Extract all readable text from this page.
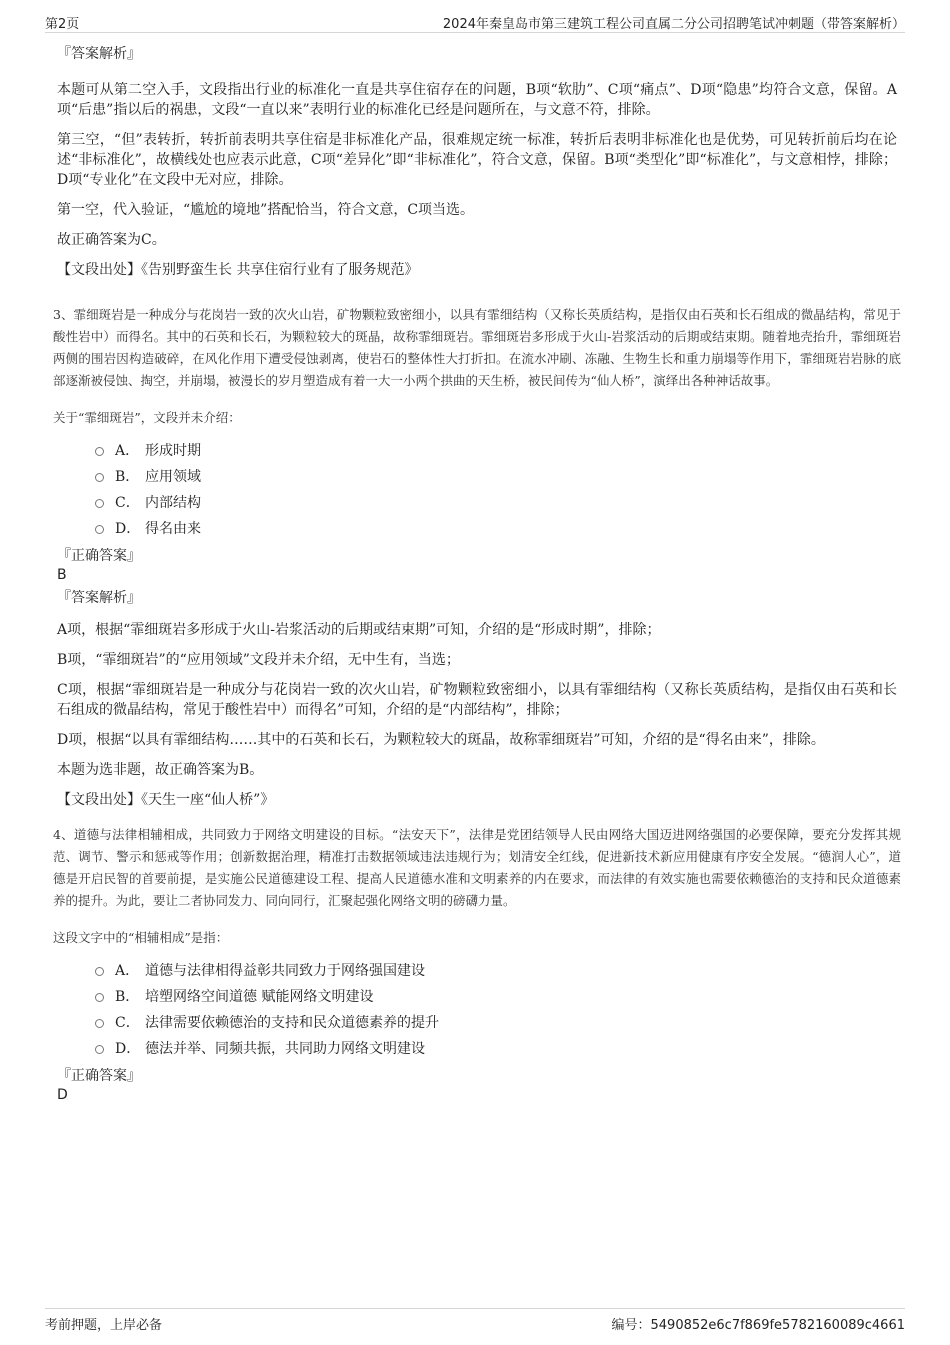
第2页	2024年秦皇岛市第三建筑工程公司直属二分公司招聘笔试冲刺题（带答案解析）
『答案解析』

本题可从第二空入手，文段指出行业的标准化一直是共享住宿存在的问题，B项“软肋”、C项“痛点”、D项“隐患”均符合文意，保留。A项“后患”指以后的祸患，文段“一直以来”表明行业的标准化已经是问题所在，与文意不符，排除。

第三空，“但”表转折，转折前表明共享住宿是非标准化产品，很难规定统一标准，转折后表明非标准化也是优势，可见转折前后均在论述“非标准化”，故横线处也应表示此意，C项“差异化”即“非标准化”，符合文意，保留。B项“类型化”即“标准化”，与文意相悖，排除；D项“专业化”在文段中无对应，排除。

第一空，代入验证，“尴尬的境地”搭配恰当，符合文意，C项当选。

故正确答案为C。

【文段出处】《告别野蛮生长 共享住宿行业有了服务规范》

3、霏细斑岩是一种成分与花岗岩一致的次火山岩，矿物颗粒致密细小，以具有霏细结构（又称长英质结构，是指仅由石英和长石组成的微晶结构，常见于酸性岩中）而得名。其中的石英和长石，为颗粒较大的斑晶，故称霏细斑岩。霏细斑岩多形成于火山-岩浆活动的后期或结束期。随着地壳抬升，霏细斑岩两侧的围岩因构造破碎，在风化作用下遭受侵蚀剥离，使岩石的整体性大打折扣。在流水冲刷、冻融、生物生长和重力崩塌等作用下，霏细斑岩岩脉的底部逐渐被侵蚀、掏空，并崩塌，被漫长的岁月塑造成有着一大一小两个拱曲的天生桥，被民间传为“仙人桥”，演绎出各种神话故事。

关于“霏细斑岩”，文段并未介绍：
A． 形成时期
B． 应用领域
C． 内部结构
D． 得名由来
『正确答案』
B
『答案解析』

A项，根据“霏细斑岩多形成于火山-岩浆活动的后期或结束期”可知，介绍的是“形成时期”，排除；

B项，“霏细斑岩”的“应用领域”文段并未介绍，无中生有，当选；

C项，根据“霏细斑岩是一种成分与花岗岩一致的次火山岩，矿物颗粒致密细小，以具有霏细结构（又称长英质结构，是指仅由石英和长石组成的微晶结构，常见于酸性岩中）而得名”可知，介绍的是“内部结构”，排除；

D项，根据“以具有霏细结构……其中的石英和长石，为颗粒较大的斑晶，故称霏细斑岩”可知，介绍的是“得名由来”，排除。

本题为选非题，故正确答案为B。

【文段出处】《天生一座“仙人桥”》

4、道德与法律相辅相成，共同致力于网络文明建设的目标。“法安天下”，法律是党团结领导人民由网络大国迈进网络强国的必要保障，要充分发挥其规范、调节、警示和惩戒等作用；创新数据治理，精准打击数据领域违法违规行为；划清安全红线，促进新技术新应用健康有序安全发展。“德润人心”，道德是开启民智的首要前提，是实施公民道德建设工程、提高人民道德水准和文明素养的内在要求，而法律的有效实施也需要依赖德治的支持和民众道德素养的提升。为此，要让二者协同发力、同向同行，汇聚起强化网络文明的磅礴力量。

这段文字中的“相辅相成”是指：
A． 道德与法律相得益彰共同致力于网络强国建设
B． 培塑网络空间道德 赋能网络文明建设
C． 法律需要依赖德治的支持和民众道德素养的提升
D． 德法并举、同频共振，共同助力网络文明建设
『正确答案』
D
考前押题，上岸必备	编号：5490852e6c7f869fe5782160089c4661
